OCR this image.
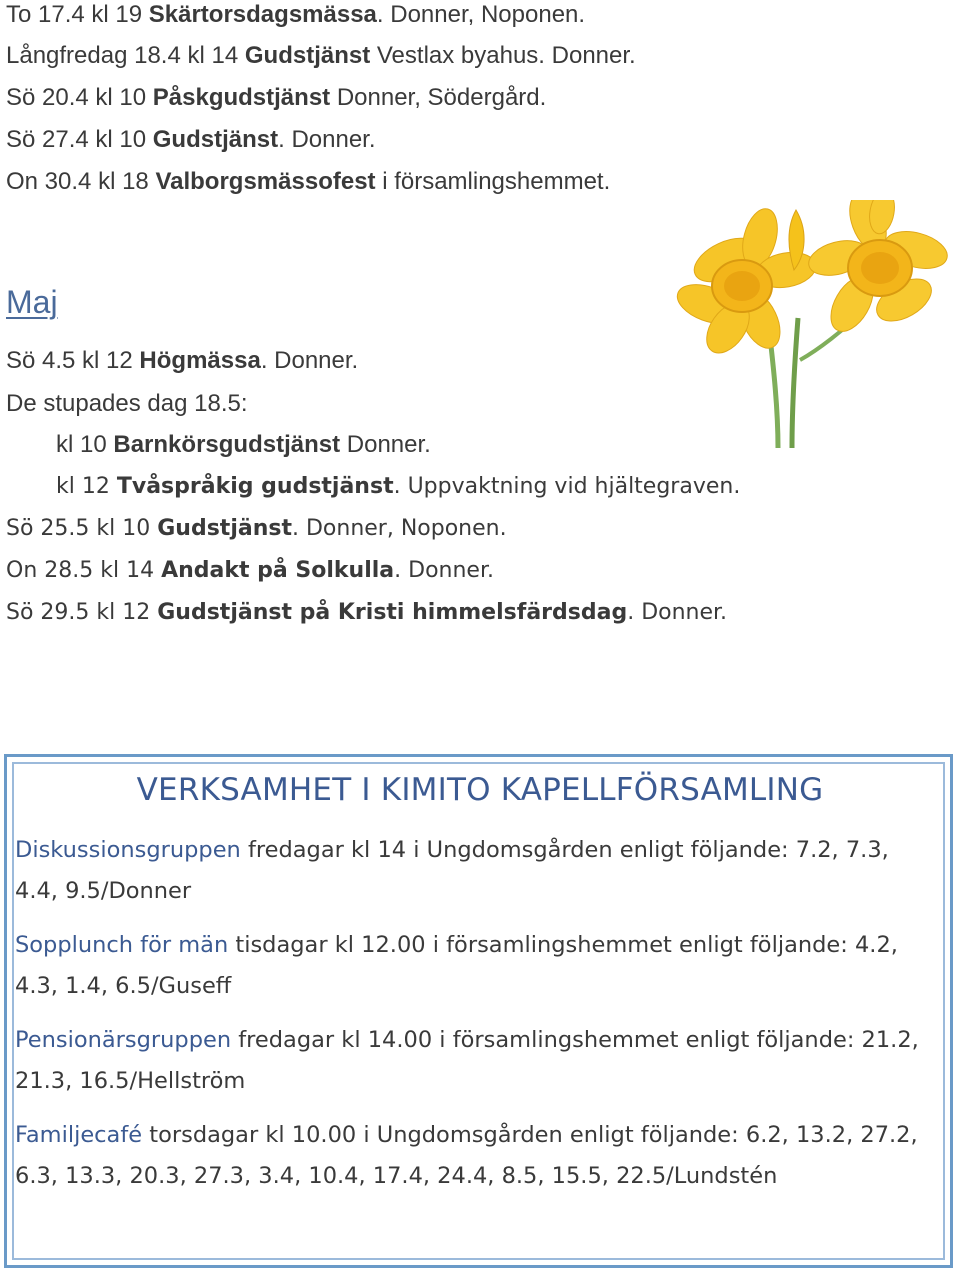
To 17.4 kl 19 Skärtorsdagsmässa. Donner, Noponen.
Långfredag 18.4 kl 14 Gudstjänst Vestlax byahus. Donner.
Sö 20.4 kl 10 Påskgudstjänst Donner, Södergård.
Sö 27.4 kl 10 Gudstjänst. Donner.
On 30.4 kl 18 Valborgsmässofest i församlingshemmet.
Maj
Sö 4.5 kl 12 Högmässa. Donner.
De stupades dag 18.5:
kl 10 Barnkörsgudstjänst Donner.
kl 12 Tvåspråkig gudstjänst. Uppvaktning vid hjältegraven.
Sö 25.5 kl 10 Gudstjänst. Donner, Noponen.
On 28.5 kl 14 Andakt på Solkulla. Donner.
Sö 29.5 kl 12 Gudstjänst på Kristi himmelsfärdsdag. Donner.
VERKSAMHET I KIMITO KAPELLFÖRSAMLING
Diskussionsgruppen fredagar kl 14 i Ungdomsgården enligt följande: 7.2, 7.3, 4.4, 9.5/Donner
Sopplunch för män tisdagar kl 12.00 i församlingshemmet enligt följande: 4.2, 4.3, 1.4, 6.5/Guseff
Pensionärsgruppen fredagar kl 14.00 i församlingshemmet enligt följande: 21.2, 21.3, 16.5/Hellström
Familjecafé torsdagar kl 10.00 i Ungdomsgården enligt följande: 6.2, 13.2, 27.2, 6.3, 13.3, 20.3, 27.3, 3.4, 10.4, 17.4, 24.4, 8.5, 15.5, 22.5/Lundstén
